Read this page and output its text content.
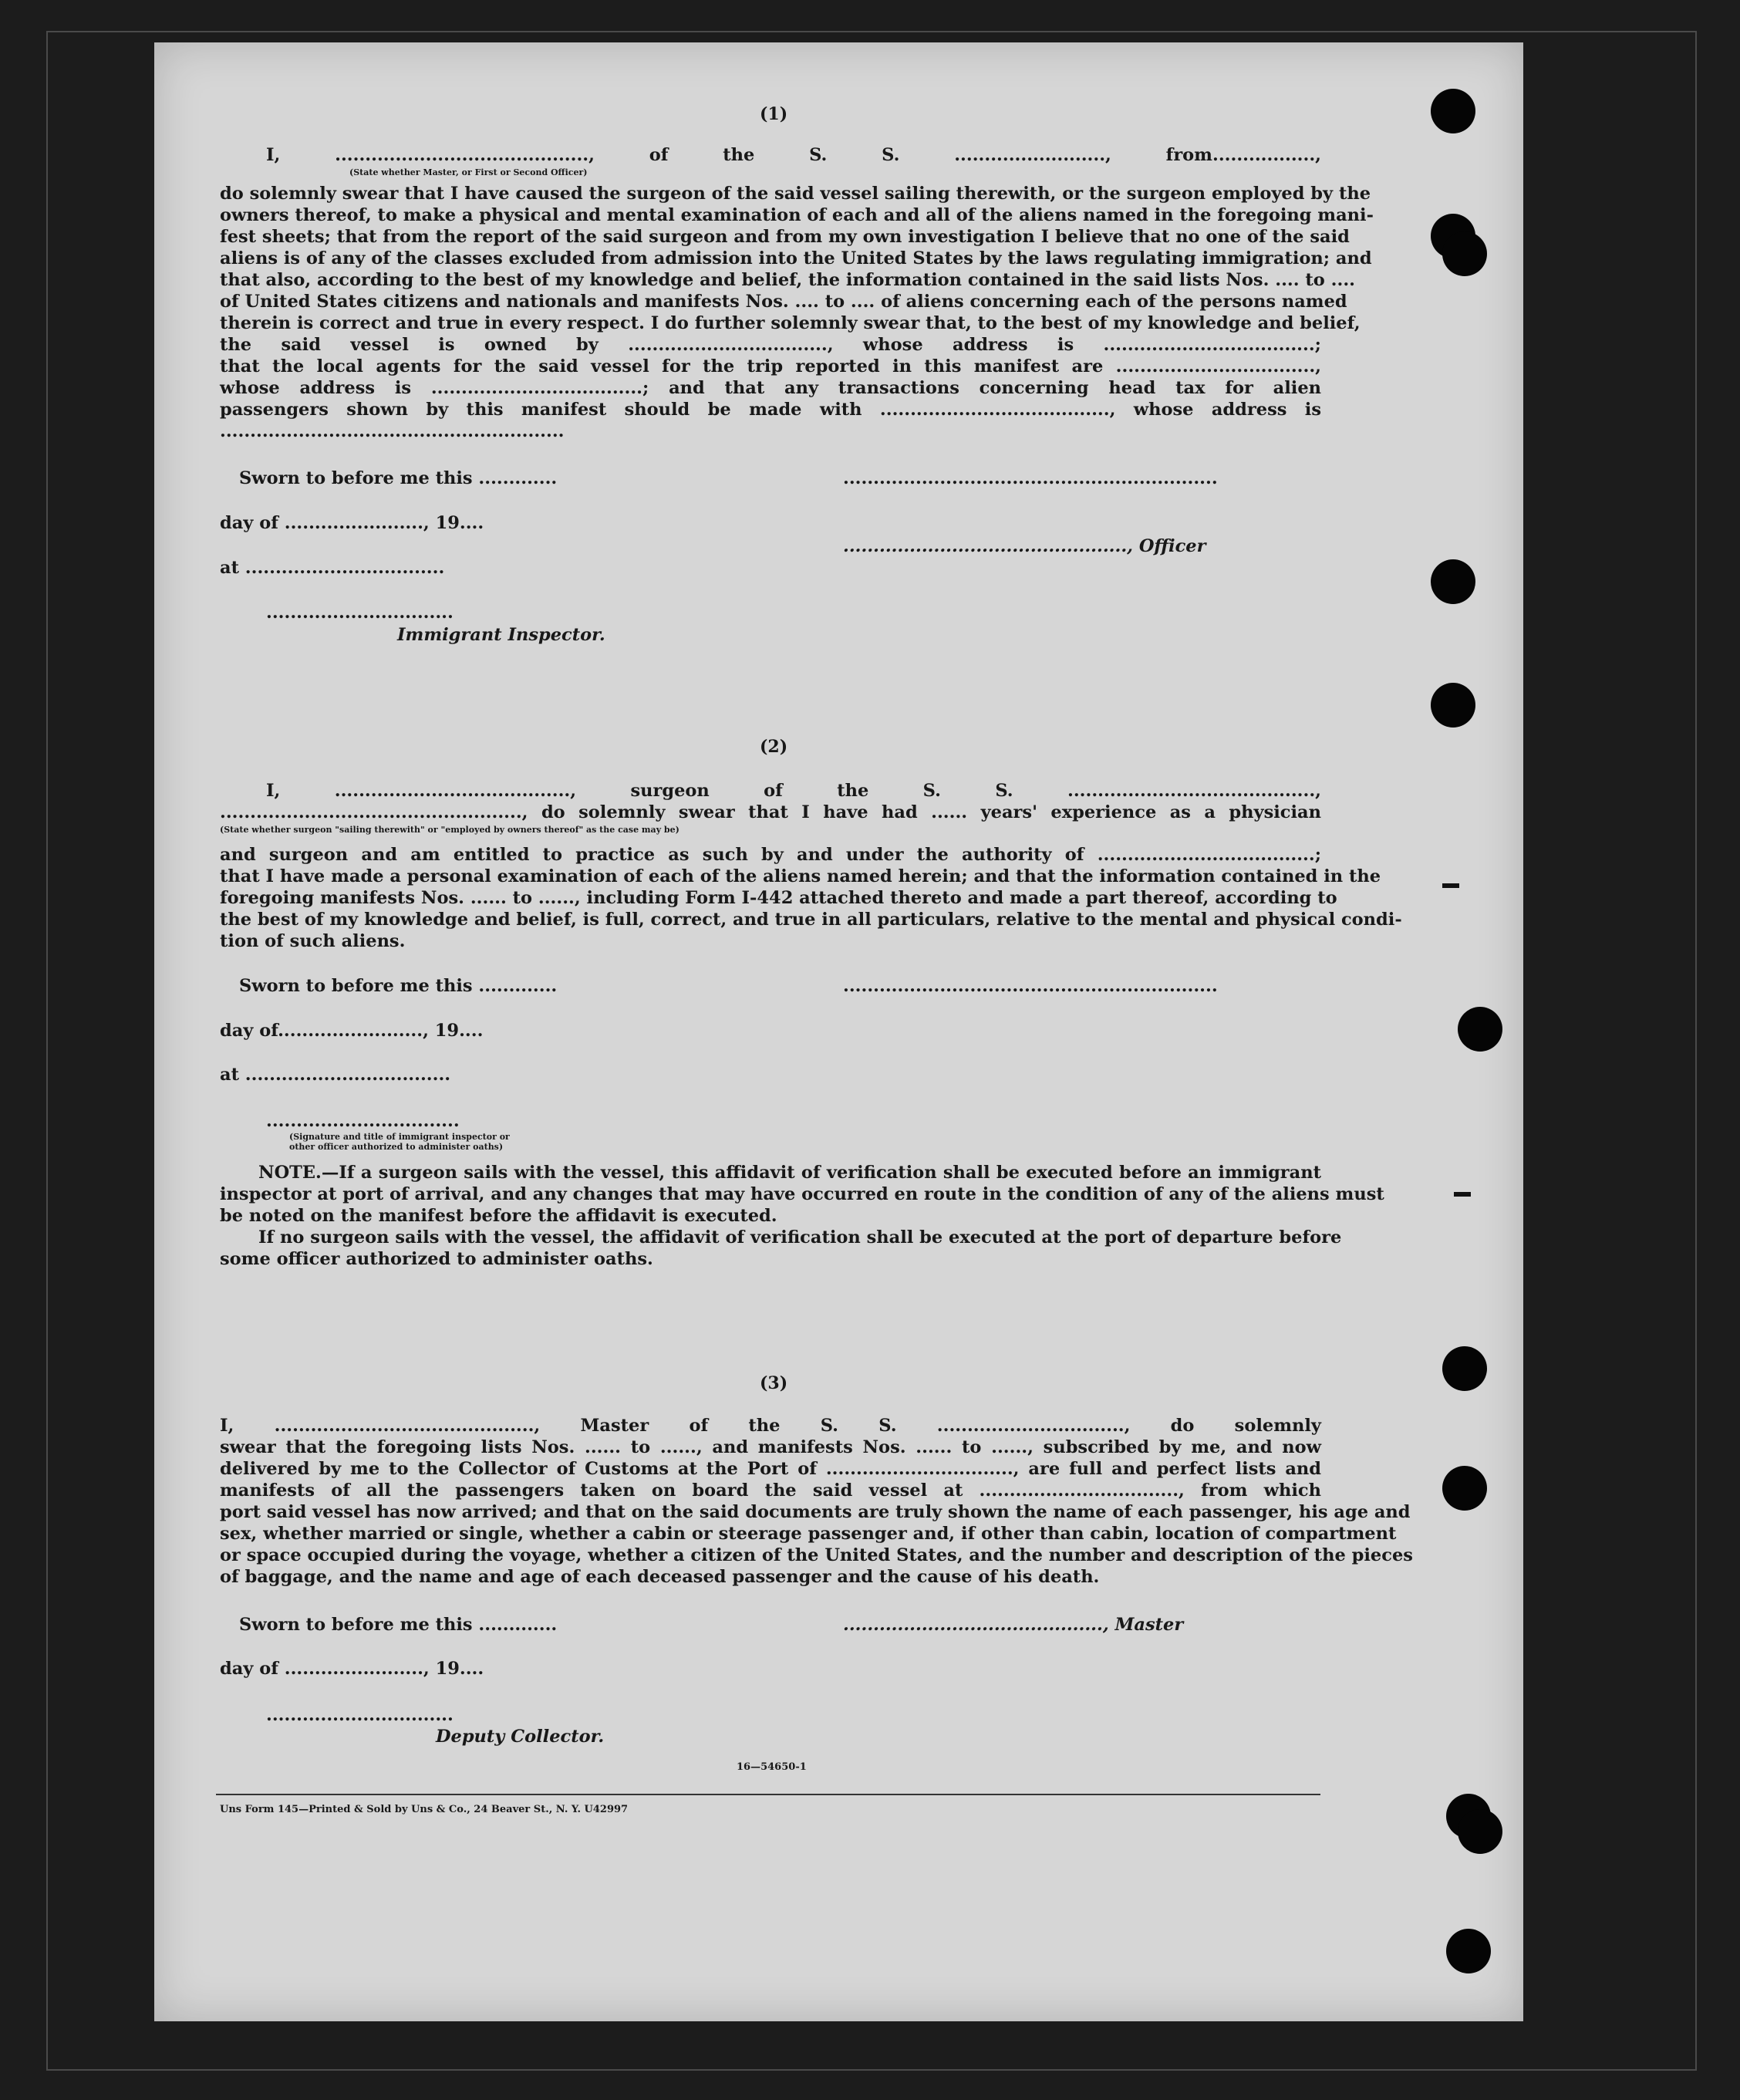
(1)
I, .........................................., of the S. S. ........................., from.................,
(State whether Master, or First or Second Officer)
do solemnly swear that I have caused the surgeon of the said vessel sailing therewith, or the surgeon employed by the
owners thereof, to make a physical and mental examination of each and all of the aliens named in the foregoing mani-
fest sheets; that from the report of the said surgeon and from my own investigation I believe that no one of the said
aliens is of any of the classes excluded from admission into the United States by the laws regulating immigration; and
that also, according to the best of my knowledge and belief, the information contained in the said lists Nos. .... to ....
of United States citizens and nationals and manifests Nos. .... to .... of aliens concerning each of the persons named
therein is correct and true in every respect. I do further solemnly swear that, to the best of my knowledge and belief,
the said vessel is owned by ................................., whose address is ...................................;
that the local agents for the said vessel for the trip reported in this manifest are .................................,
whose address is ...................................; and that any transactions concerning head tax for alien
passengers shown by this manifest should be made with ......................................, whose address is
.........................................................
Sworn to before me this .............	..............................................................
day of ......................., 19....
..............................................., Officer
at .................................
...............................
Immigrant Inspector.
(2)
I, ......................................., surgeon of the S. S. .........................................,
.................................................., do solemnly swear that I have had ...... years' experience as a physician
(State whether surgeon "sailing therewith" or "employed by owners thereof" as the case may be)
and surgeon and am entitled to practice as such by and under the authority of ....................................;
that I have made a personal examination of each of the aliens named herein; and that the information contained in the
foregoing manifests Nos. ...... to ......, including Form I-442 attached thereto and made a part thereof, according to
the best of my knowledge and belief, is full, correct, and true in all particulars, relative to the mental and physical condi-
tion of such aliens.
Sworn to before me this .............	..............................................................
day of........................, 19....
at ..................................
................................
(Signature and title of immigrant inspector or
other officer authorized to administer oaths)
NOTE.—If a surgeon sails with the vessel, this affidavit of verification shall be executed before an immigrant
inspector at port of arrival, and any changes that may have occurred en route in the condition of any of the aliens must
be noted on the manifest before the affidavit is executed.
If no surgeon sails with the vessel, the affidavit of verification shall be executed at the port of departure before
some officer authorized to administer oaths.
(3)
I, ..........................................., Master of the S. S. ..............................., do solemnly
swear that the foregoing lists Nos. ...... to ......, and manifests Nos. ...... to ......, subscribed by me, and now
delivered by me to the Collector of Customs at the Port of ..............................., are full and perfect lists and
manifests of all the passengers taken on board the said vessel at ................................., from which
port said vessel has now arrived; and that on the said documents are truly shown the name of each passenger, his age and
sex, whether married or single, whether a cabin or steerage passenger and, if other than cabin, location of compartment
or space occupied during the voyage, whether a citizen of the United States, and the number and description of the pieces
of baggage, and the name and age of each deceased passenger and the cause of his death.
Sworn to before me this .............	..........................................., Master
day of ......................., 19....
...............................
Deputy Collector.
16—54650-1
Uns Form 145—Printed & Sold by Uns & Co., 24 Beaver St., N. Y. U42997
